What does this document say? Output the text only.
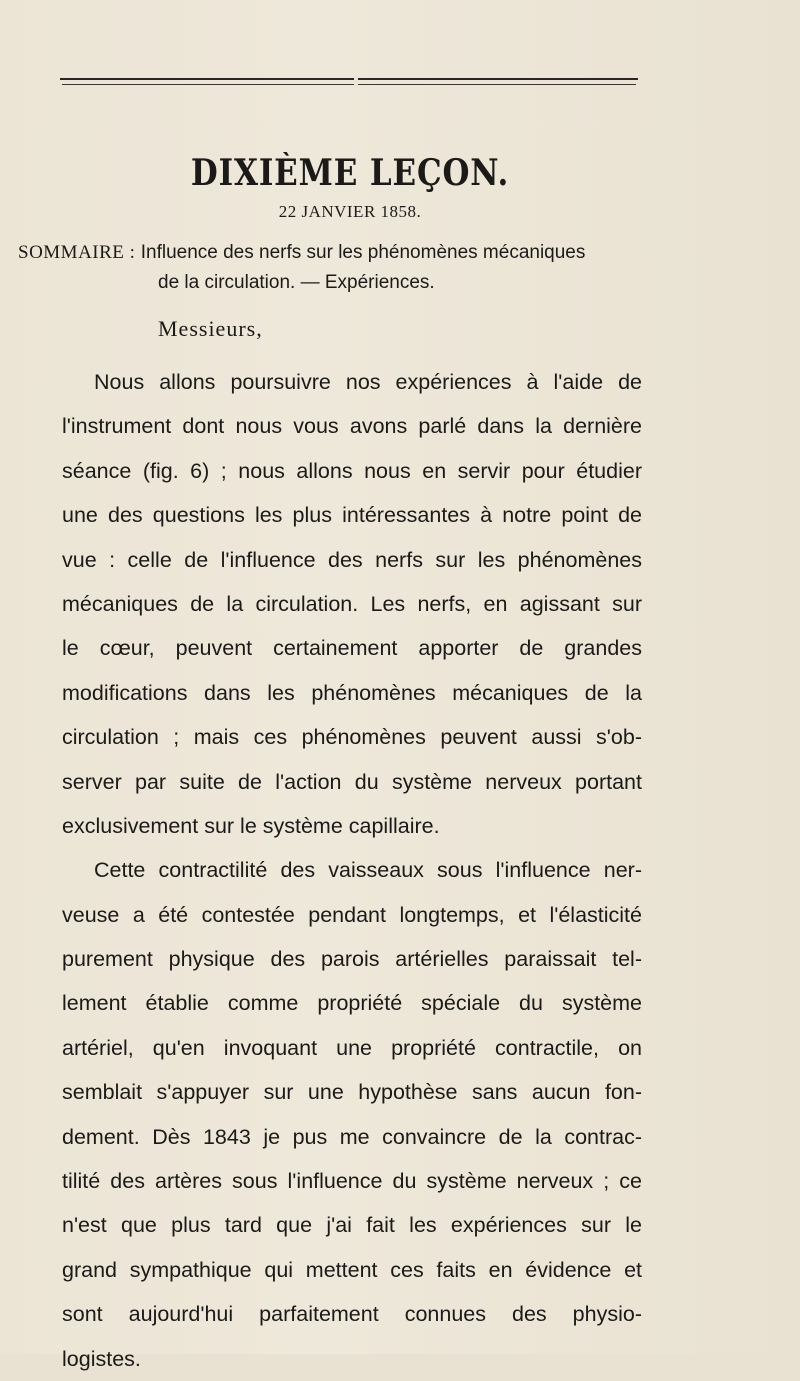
DIXIÈME LEÇON.
22 JANVIER 1858.
SOMMAIRE : Influence des nerfs sur les phénomènes mécaniques
de la circulation. — Expériences.
Messieurs,
Nous allons poursuivre nos expériences à l'aide de
l'instrument dont nous vous avons parlé dans la dernière
séance (fig. 6) ; nous allons nous en servir pour étudier
une des questions les plus intéressantes à notre point de
vue : celle de l'influence des nerfs sur les phénomènes
mécaniques de la circulation. Les nerfs, en agissant sur
le cœur, peuvent certainement apporter de grandes
modifications dans les phénomènes mécaniques de la
circulation ; mais ces phénomènes peuvent aussi s'ob-
server par suite de l'action du système nerveux portant
exclusivement sur le système capillaire.
Cette contractilité des vaisseaux sous l'influence ner-
veuse a été contestée pendant longtemps, et l'élasticité
purement physique des parois artérielles paraissait tel-
lement établie comme propriété spéciale du système
artériel, qu'en invoquant une propriété contractile, on
semblait s'appuyer sur une hypothèse sans aucun fon-
dement. Dès 1843 je pus me convaincre de la contrac-
tilité des artères sous l'influence du système nerveux ; ce
n'est que plus tard que j'ai fait les expériences sur le
grand sympathique qui mettent ces faits en évidence et
sont aujourd'hui parfaitement connues des physio-
logistes.
